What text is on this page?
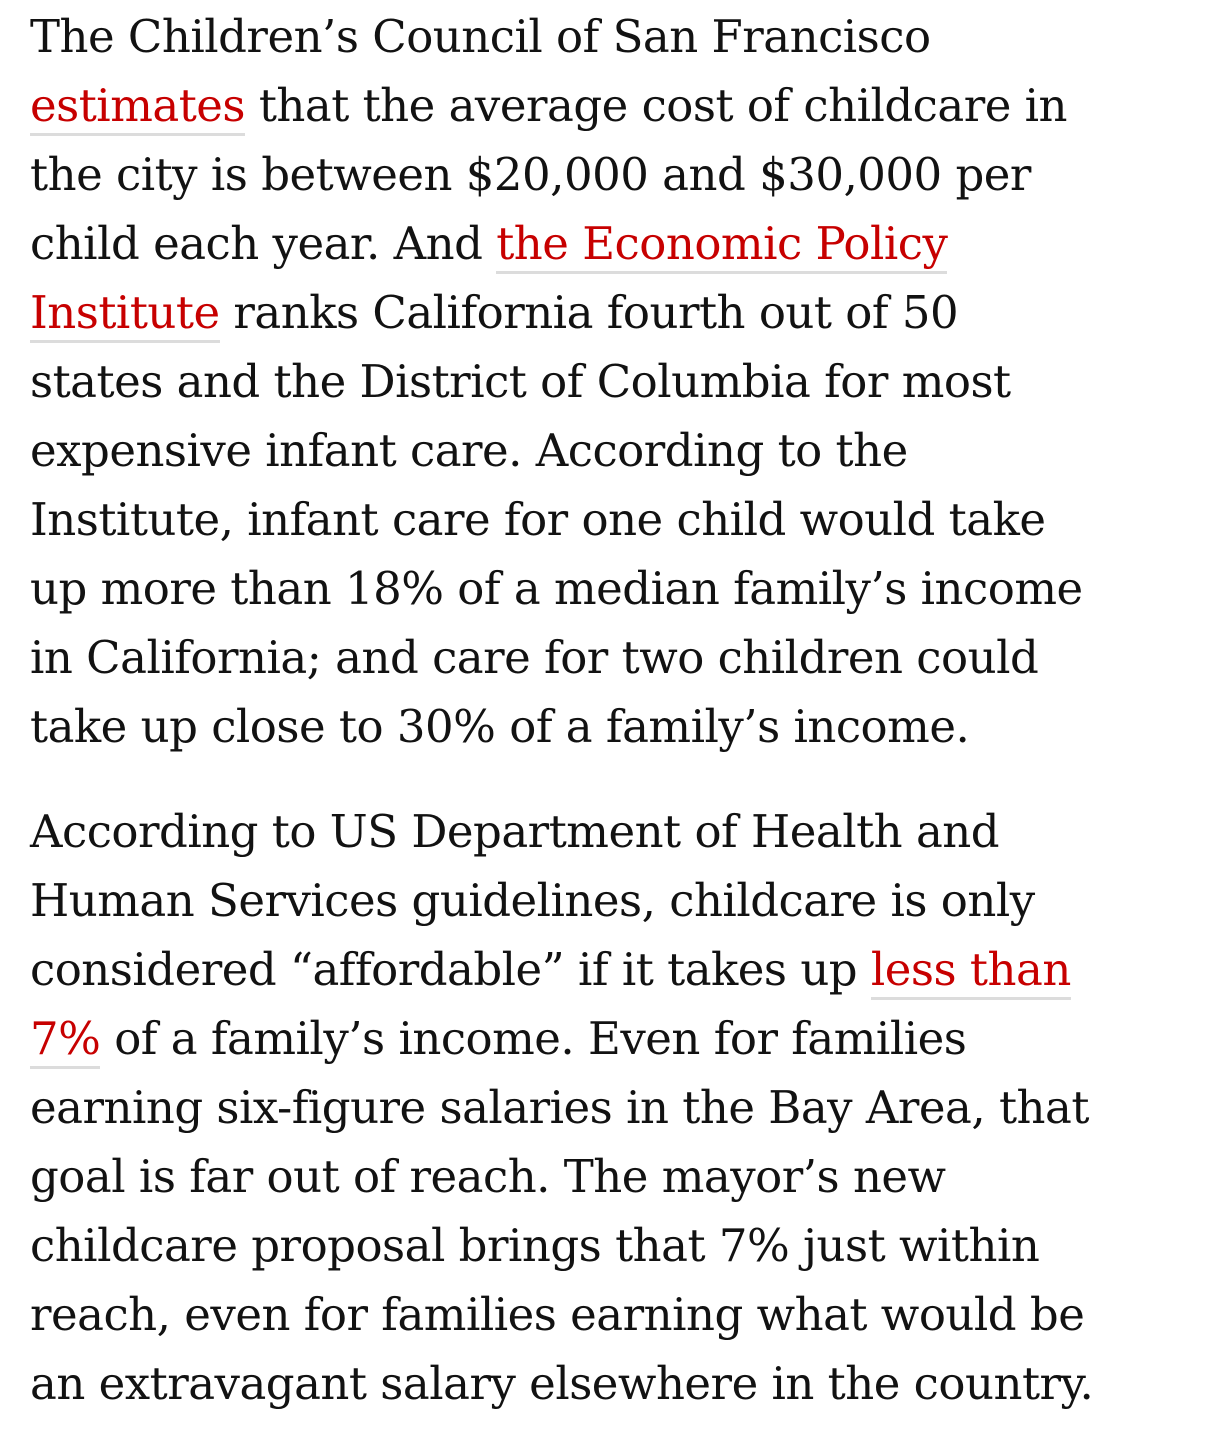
The Children’s Council of San Francisco
estimates that the average cost of childcare in
the city is between $20,000 and $30,000 per
child each year. And the Economic Policy
Institute ranks California fourth out of 50
states and the District of Columbia for most
expensive infant care. According to the
Institute, infant care for one child would take
up more than 18% of a median family’s income
in California; and care for two children could
take up close to 30% of a family’s income.

According to US Department of Health and
Human Services guidelines, childcare is only
considered “affordable” if it takes up less than
7% of a family’s income. Even for families
earning six-figure salaries in the Bay Area, that
goal is far out of reach. The mayor’s new
childcare proposal brings that 7% just within
reach, even for families earning what would be
an extravagant salary elsewhere in the country.
